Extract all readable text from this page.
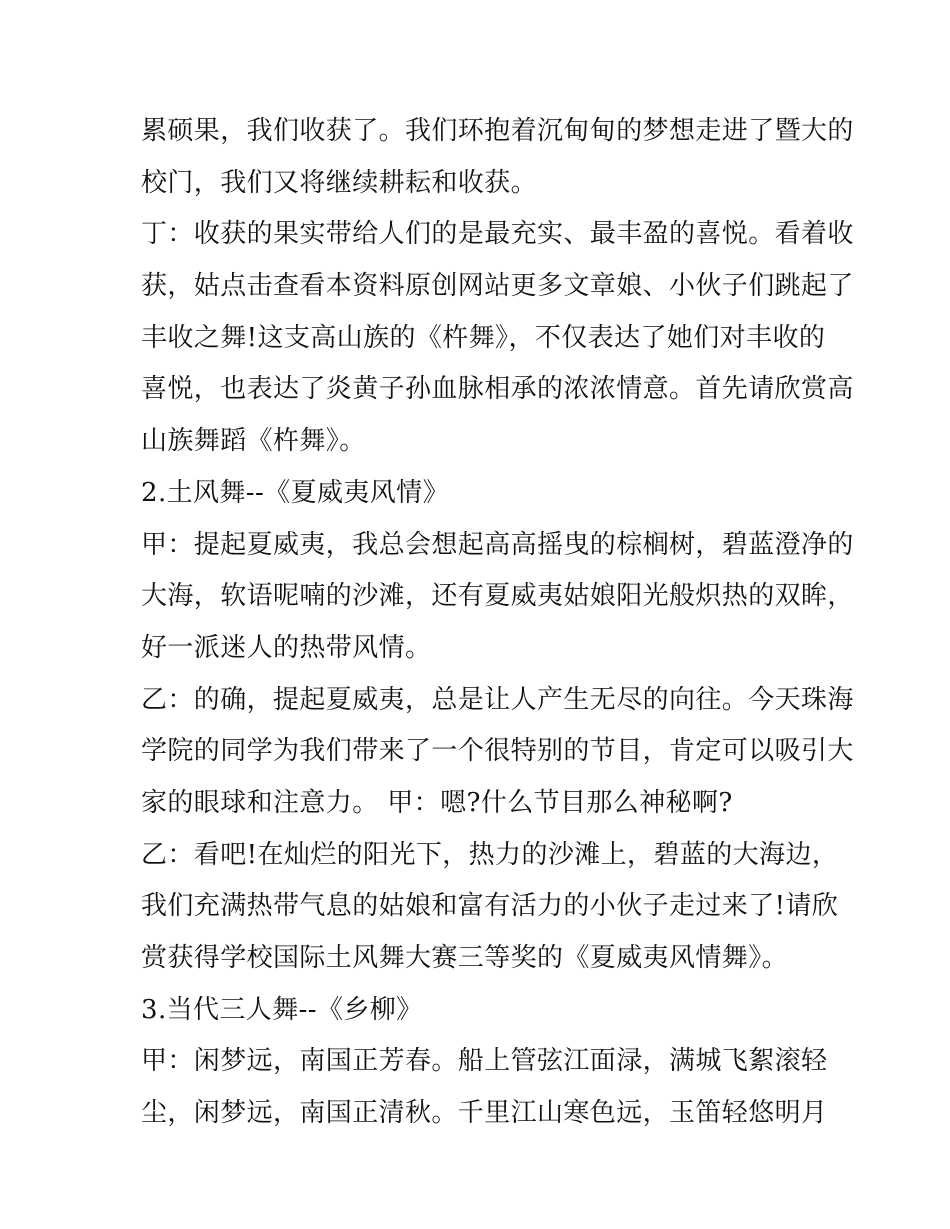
累硕果，我们收获了。我们环抱着沉甸甸的梦想走进了暨大的
校门，我们又将继续耕耘和收获。
丁：收获的果实带给人们的是最充实、最丰盈的喜悦。看着收
获，姑点击查看本资料原创网站更多文章娘、小伙子们跳起了
丰收之舞!这支高山族的《杵舞》，不仅表达了她们对丰收的
喜悦，也表达了炎黄子孙血脉相承的浓浓情意。首先请欣赏高
山族舞蹈《杵舞》。
2.土风舞--《夏威夷风情》
甲：提起夏威夷，我总会想起高高摇曳的棕榈树，碧蓝澄净的
大海，软语呢喃的沙滩，还有夏威夷姑娘阳光般炽热的双眸，
好一派迷人的热带风情。
乙：的确，提起夏威夷，总是让人产生无尽的向往。今天珠海
学院的同学为我们带来了一个很特别的节目，肯定可以吸引大
家的眼球和注意力。 甲：嗯?什么节目那么神秘啊?
乙：看吧!在灿烂的阳光下，热力的沙滩上，碧蓝的大海边，
我们充满热带气息的姑娘和富有活力的小伙子走过来了!请欣
赏获得学校国际土风舞大赛三等奖的《夏威夷风情舞》。
3.当代三人舞--《乡柳》
甲：闲梦远，南国正芳春。船上管弦江面渌，满城飞絮滚轻
尘，闲梦远，南国正清秋。千里江山寒色远，玉笛轻悠明月
